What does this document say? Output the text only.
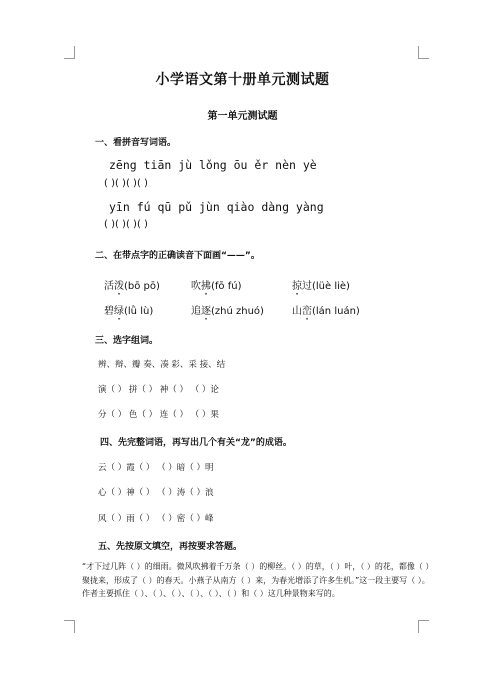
小学语文第十册单元测试题
第一单元测试题
一、看拼音写词语。
zēng tiān jù lǒng ōu ěr nèn yè
( )( )( )( )
yīn fú qū pǔ jùn qiào dàng yàng
( )( )( )( )
二、在带点字的正确读音下面画“——”。
活泼(bō pō)	吹拂(fō fú)	掠过(lüè liè)
碧绿(lǜ lù)	追逐(zhú zhuó)	山峦(lán luán)
三、选字组词。
辨、辩、瓣 奏、凑 彩、采 接、结
演（ ） 拼（ ） 神（ ） （ ）论
分（ ） 色（ ） 连（ ） （ ）果
四、先完整词语，再写出几个有关“龙”的成语。
云（ ）霞（ ） （ ）暗（ ）明
心（ ）神（ ） （ ）涛（ ）浪
风（ ）雨（ ） （ ）密（ ）峰
五、先按原文填空，再按要求答题。
“才下过几阵（ ）的细雨。微风吹拂着千万条（ ）的柳丝。（ ）的草，（ ）叶，（ ）的花，都像（ ）聚拢来，形成了（ ）的春天。小燕子从南方（ ）来，为春光增添了许多生机。”这一段主要写（ ）。作者主要抓住（ ）、（ ）、（ ）、（ ）、（ ）、（ ）和（ ）这几种景物来写的。
